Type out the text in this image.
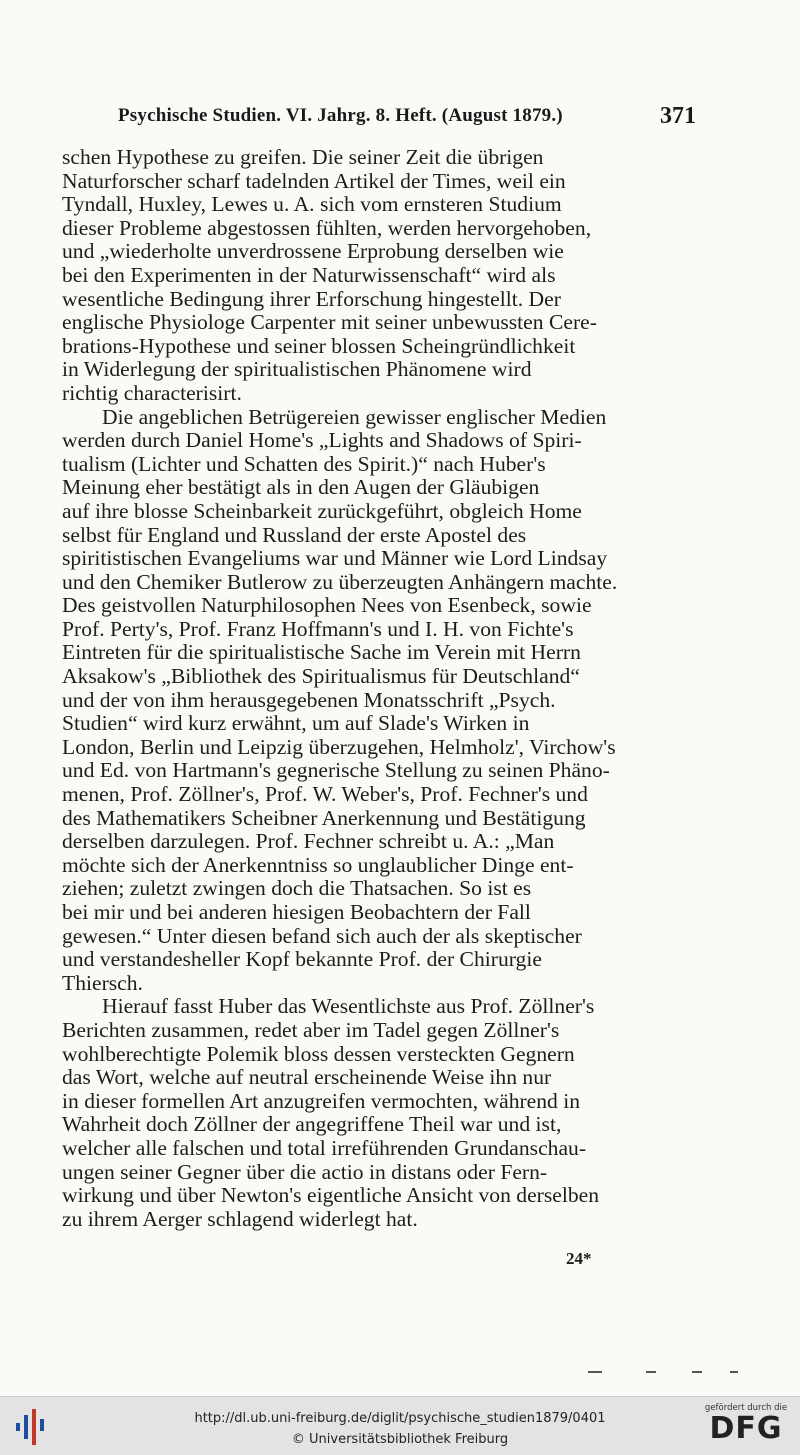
Psychische Studien. VI. Jahrg. 8. Heft. (August 1879.)	371
schen Hypothese zu greifen. Die seiner Zeit die übrigen
Naturforscher scharf tadelnden Artikel der Times, weil ein
Tyndall, Huxley, Lewes u. A. sich vom ernsteren Studium
dieser Probleme abgestossen fühlten, werden hervorgehoben,
und „wiederholte unverdrossene Erprobung derselben wie
bei den Experimenten in der Naturwissenschaft“ wird als
wesentliche Bedingung ihrer Erforschung hingestellt. Der
englische Physiologe Carpenter mit seiner unbewussten Cere-
brations-Hypothese und seiner blossen Scheingründlichkeit
in Widerlegung der spiritualistischen Phänomene wird
richtig characterisirt.
Die angeblichen Betrügereien gewisser englischer Medien
werden durch Daniel Home's „Lights and Shadows of Spiri-
tualism (Lichter und Schatten des Spirit.)“ nach Huber's
Meinung eher bestätigt als in den Augen der Gläubigen
auf ihre blosse Scheinbarkeit zurückgeführt, obgleich Home
selbst für England und Russland der erste Apostel des
spiritistischen Evangeliums war und Männer wie Lord Lindsay
und den Chemiker Butlerow zu überzeugten Anhängern machte.
Des geistvollen Naturphilosophen Nees von Esenbeck, sowie
Prof. Perty's, Prof. Franz Hoffmann's und I. H. von Fichte's
Eintreten für die spiritualistische Sache im Verein mit Herrn
Aksakow's „Bibliothek des Spiritualismus für Deutschland“
und der von ihm herausgegebenen Monatsschrift „Psych.
Studien“ wird kurz erwähnt, um auf Slade's Wirken in
London, Berlin und Leipzig überzugehen, Helmholz', Virchow's
und Ed. von Hartmann's gegnerische Stellung zu seinen Phäno-
menen, Prof. Zöllner's, Prof. W. Weber's, Prof. Fechner's und
des Mathematikers Scheibner Anerkennung und Bestätigung
derselben darzulegen. Prof. Fechner schreibt u. A.: „Man
möchte sich der Anerkenntniss so unglaublicher Dinge ent-
ziehen; zuletzt zwingen doch die Thatsachen. So ist es
bei mir und bei anderen hiesigen Beobachtern der Fall
gewesen.“ Unter diesen befand sich auch der als skeptischer
und verstandesheller Kopf bekannte Prof. der Chirurgie
Thiersch.
Hierauf fasst Huber das Wesentlichste aus Prof. Zöllner's
Berichten zusammen, redet aber im Tadel gegen Zöllner's
wohlberechtigte Polemik bloss dessen versteckten Gegnern
das Wort, welche auf neutral erscheinende Weise ihn nur
in dieser formellen Art anzugreifen vermochten, während in
Wahrheit doch Zöllner der angegriffene Theil war und ist,
welcher alle falschen und total irreführenden Grundanschau-
ungen seiner Gegner über die actio in distans oder Fern-
wirkung und über Newton's eigentliche Ansicht von derselben
zu ihrem Aerger schlagend widerlegt hat.
24*
http://dl.ub.uni-freiburg.de/diglit/psychische_studien1879/0401
© Universitätsbibliothek Freiburg
gefördert durch die
DFG
